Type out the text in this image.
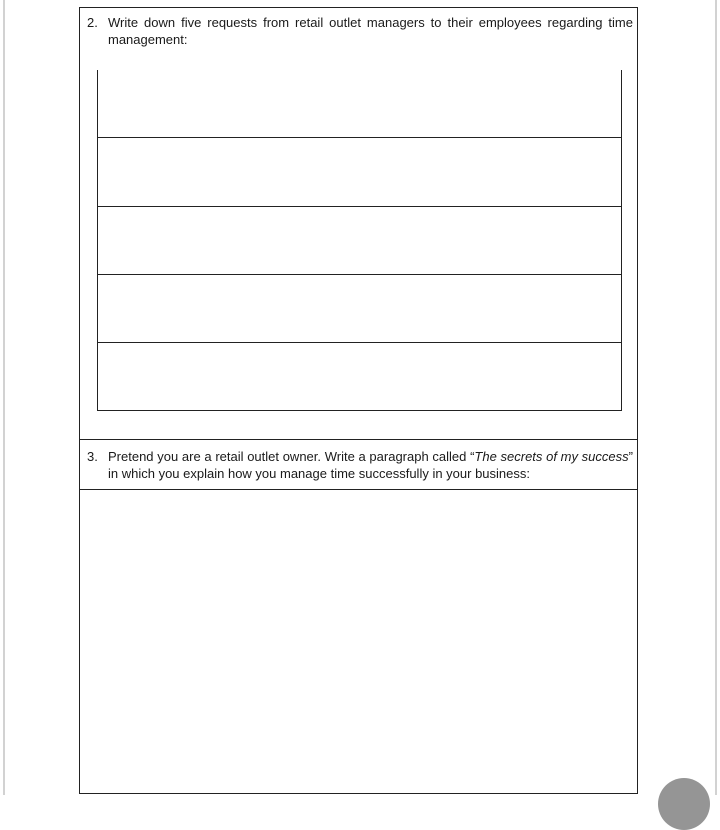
2. Write down five requests from retail outlet managers to their employees regarding time
management:
3. Pretend you are a retail outlet owner. Write a paragraph called “The secrets of my success” in which you explain how you manage time successfully in your business:
